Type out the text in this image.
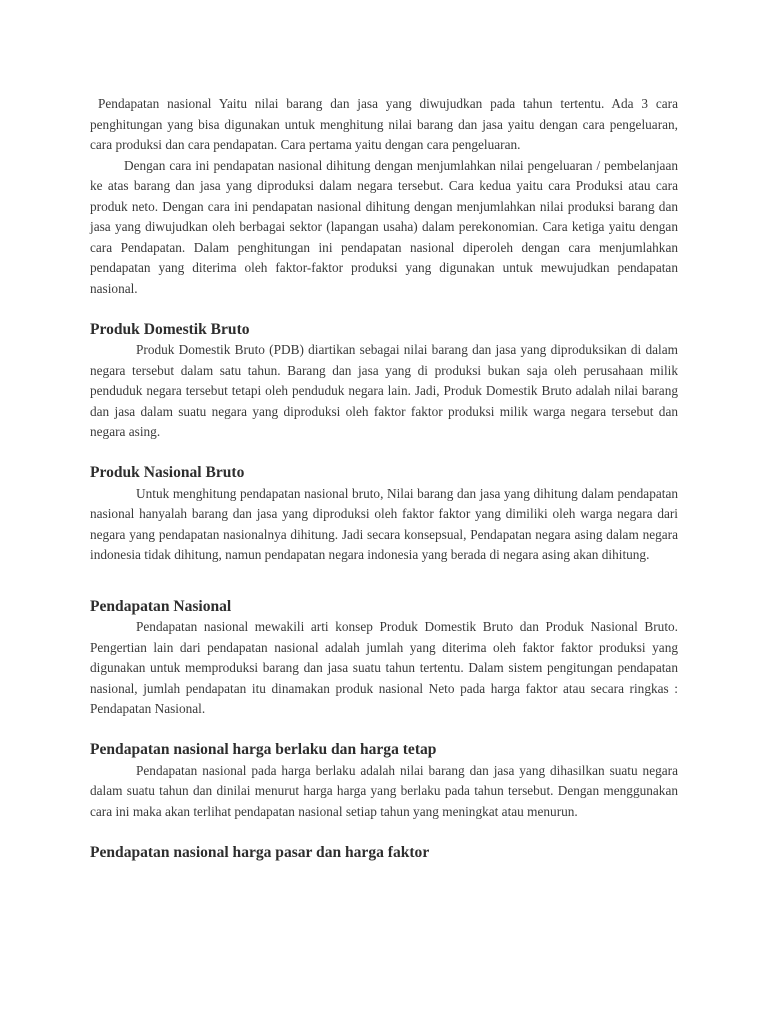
Pendapatan nasional Yaitu nilai barang dan jasa yang diwujudkan pada tahun tertentu. Ada 3 cara penghitungan yang bisa digunakan untuk menghitung nilai barang dan jasa yaitu dengan cara pengeluaran, cara produksi dan cara pendapatan. Cara pertama yaitu dengan cara pengeluaran.

Dengan cara ini pendapatan nasional dihitung dengan menjumlahkan nilai pengeluaran / pembelanjaan ke atas barang dan jasa yang diproduksi dalam negara tersebut. Cara kedua yaitu cara Produksi atau cara produk neto. Dengan cara ini pendapatan nasional dihitung dengan menjumlahkan nilai produksi barang dan jasa yang diwujudkan oleh berbagai sektor (lapangan usaha) dalam perekonomian. Cara ketiga yaitu dengan cara Pendapatan. Dalam penghitungan ini pendapatan nasional diperoleh dengan cara menjumlahkan pendapatan yang diterima oleh faktor-faktor produksi yang digunakan untuk mewujudkan pendapatan nasional.

Produk Domestik Bruto

Produk Domestik Bruto (PDB) diartikan sebagai nilai barang dan jasa yang diproduksikan di dalam negara tersebut dalam satu tahun. Barang dan jasa yang di produksi bukan saja oleh perusahaan milik penduduk negara tersebut tetapi oleh penduduk negara lain. Jadi, Produk Domestik Bruto adalah nilai barang dan jasa dalam suatu negara yang diproduksi oleh faktor faktor produksi milik warga negara tersebut dan negara asing.

Produk Nasional Bruto

Untuk menghitung pendapatan nasional bruto, Nilai barang dan jasa yang dihitung dalam pendapatan nasional hanyalah barang dan jasa yang diproduksi oleh faktor faktor yang dimiliki oleh warga negara dari negara yang pendapatan nasionalnya dihitung. Jadi secara konsepsual, Pendapatan negara asing dalam negara indonesia tidak dihitung, namun pendapatan negara indonesia yang berada di negara asing akan dihitung.

Pendapatan Nasional

Pendapatan nasional mewakili arti konsep Produk Domestik Bruto dan Produk Nasional Bruto. Pengertian lain dari pendapatan nasional adalah jumlah yang diterima oleh faktor faktor produksi yang digunakan untuk memproduksi barang dan jasa suatu tahun tertentu. Dalam sistem pengitungan pendapatan nasional, jumlah pendapatan itu dinamakan produk nasional Neto pada harga faktor atau secara ringkas : Pendapatan Nasional.

Pendapatan nasional harga berlaku dan harga tetap

Pendapatan nasional pada harga berlaku adalah nilai barang dan jasa yang dihasilkan suatu negara dalam suatu tahun dan dinilai menurut harga harga yang berlaku pada tahun tersebut. Dengan menggunakan cara ini maka akan terlihat pendapatan nasional setiap tahun yang meningkat atau menurun.

Pendapatan nasional harga pasar dan harga faktor
